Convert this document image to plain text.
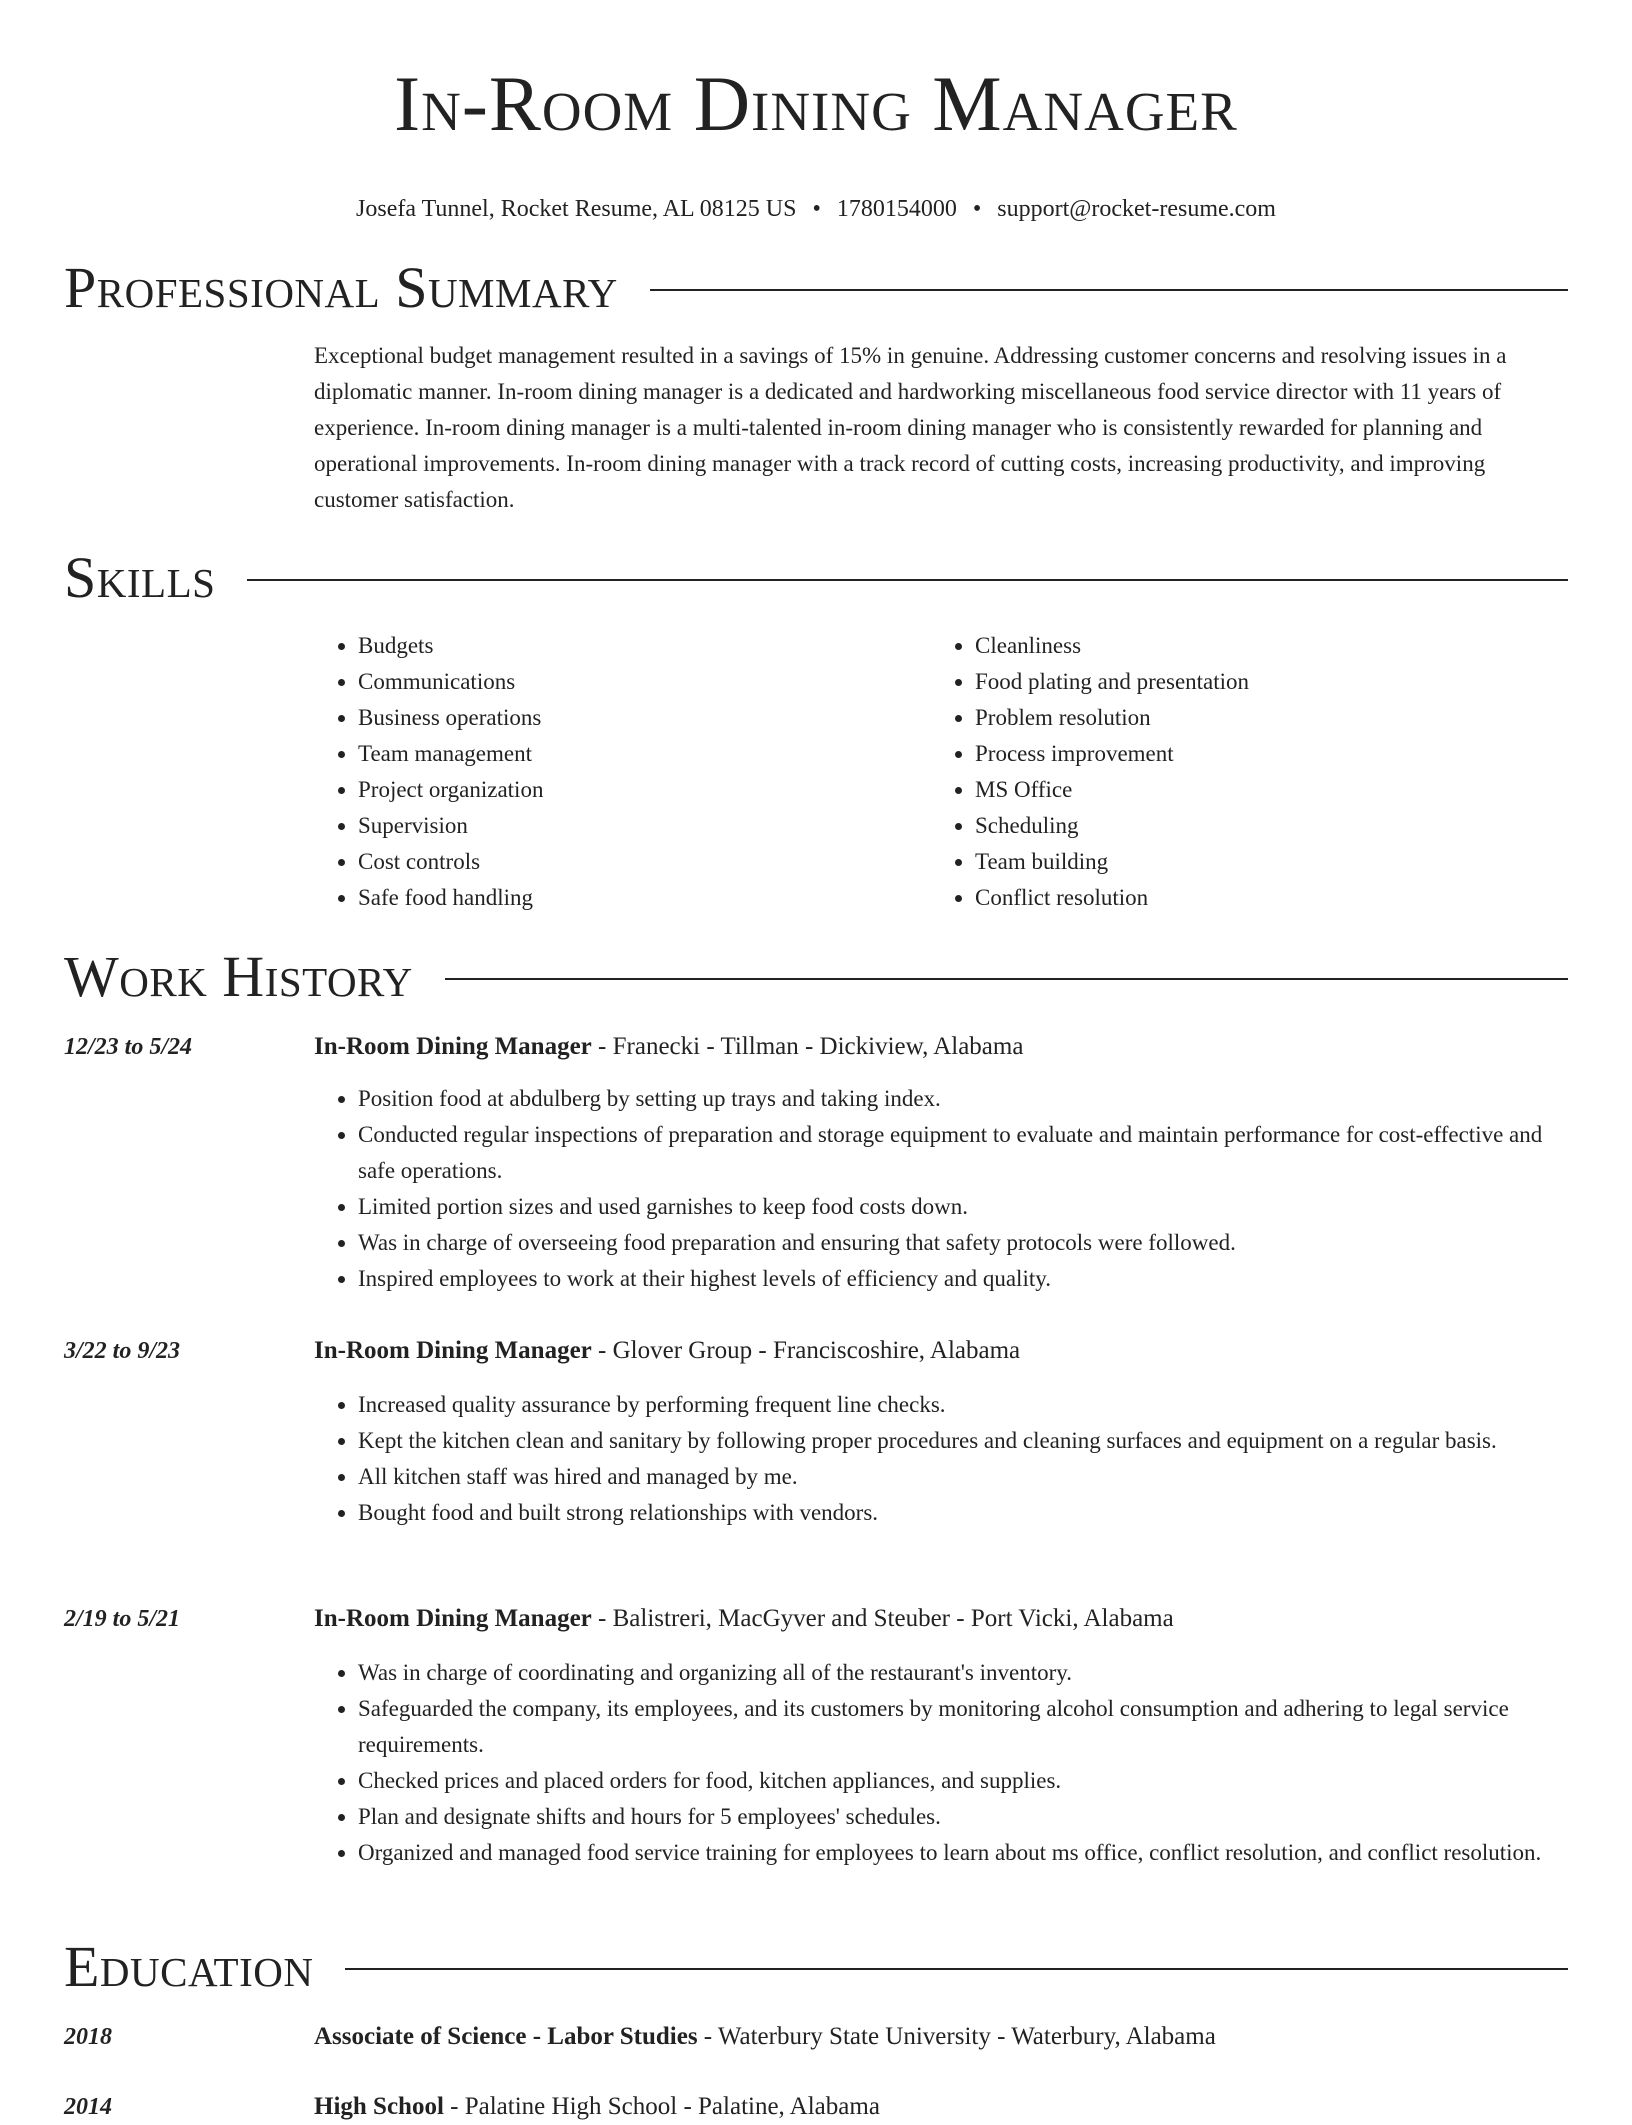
In-Room Dining Manager
Josefa Tunnel, Rocket Resume, AL 08125 US • 1780154000 • support@rocket-resume.com
Professional Summary

Exceptional budget management resulted in a savings of 15% in genuine. Addressing customer concerns and resolving issues in a diplomatic manner. In-room dining manager is a dedicated and hardworking miscellaneous food service director with 11 years of experience. In-room dining manager is a multi-talented in-room dining manager who is consistently rewarded for planning and operational improvements. In-room dining manager with a track record of cutting costs, increasing productivity, and improving customer satisfaction.

Skills
• Budgets
• Communications
• Business operations
• Team management
• Project organization
• Supervision
• Cost controls
• Safe food handling
• Cleanliness
• Food plating and presentation
• Problem resolution
• Process improvement
• MS Office
• Scheduling
• Team building
• Conflict resolution
Work History
12/23 to 5/24	In-Room Dining Manager - Franecki - Tillman - Dickiview, Alabama
• Position food at abdulberg by setting up trays and taking index.
• Conducted regular inspections of preparation and storage equipment to evaluate and maintain performance for cost-effective and safe operations.
• Limited portion sizes and used garnishes to keep food costs down.
• Was in charge of overseeing food preparation and ensuring that safety protocols were followed.
• Inspired employees to work at their highest levels of efficiency and quality.
3/22 to 9/23	In-Room Dining Manager - Glover Group - Franciscoshire, Alabama
• Increased quality assurance by performing frequent line checks.
• Kept the kitchen clean and sanitary by following proper procedures and cleaning surfaces and equipment on a regular basis.
• All kitchen staff was hired and managed by me.
• Bought food and built strong relationships with vendors.
2/19 to 5/21	In-Room Dining Manager - Balistreri, MacGyver and Steuber - Port Vicki, Alabama
• Was in charge of coordinating and organizing all of the restaurant's inventory.
• Safeguarded the company, its employees, and its customers by monitoring alcohol consumption and adhering to legal service requirements.
• Checked prices and placed orders for food, kitchen appliances, and supplies.
• Plan and designate shifts and hours for 5 employees' schedules.
• Organized and managed food service training for employees to learn about ms office, conflict resolution, and conflict resolution.
Education
2018	Associate of Science - Labor Studies - Waterbury State University - Waterbury, Alabama
2014	High School - Palatine High School - Palatine, Alabama
